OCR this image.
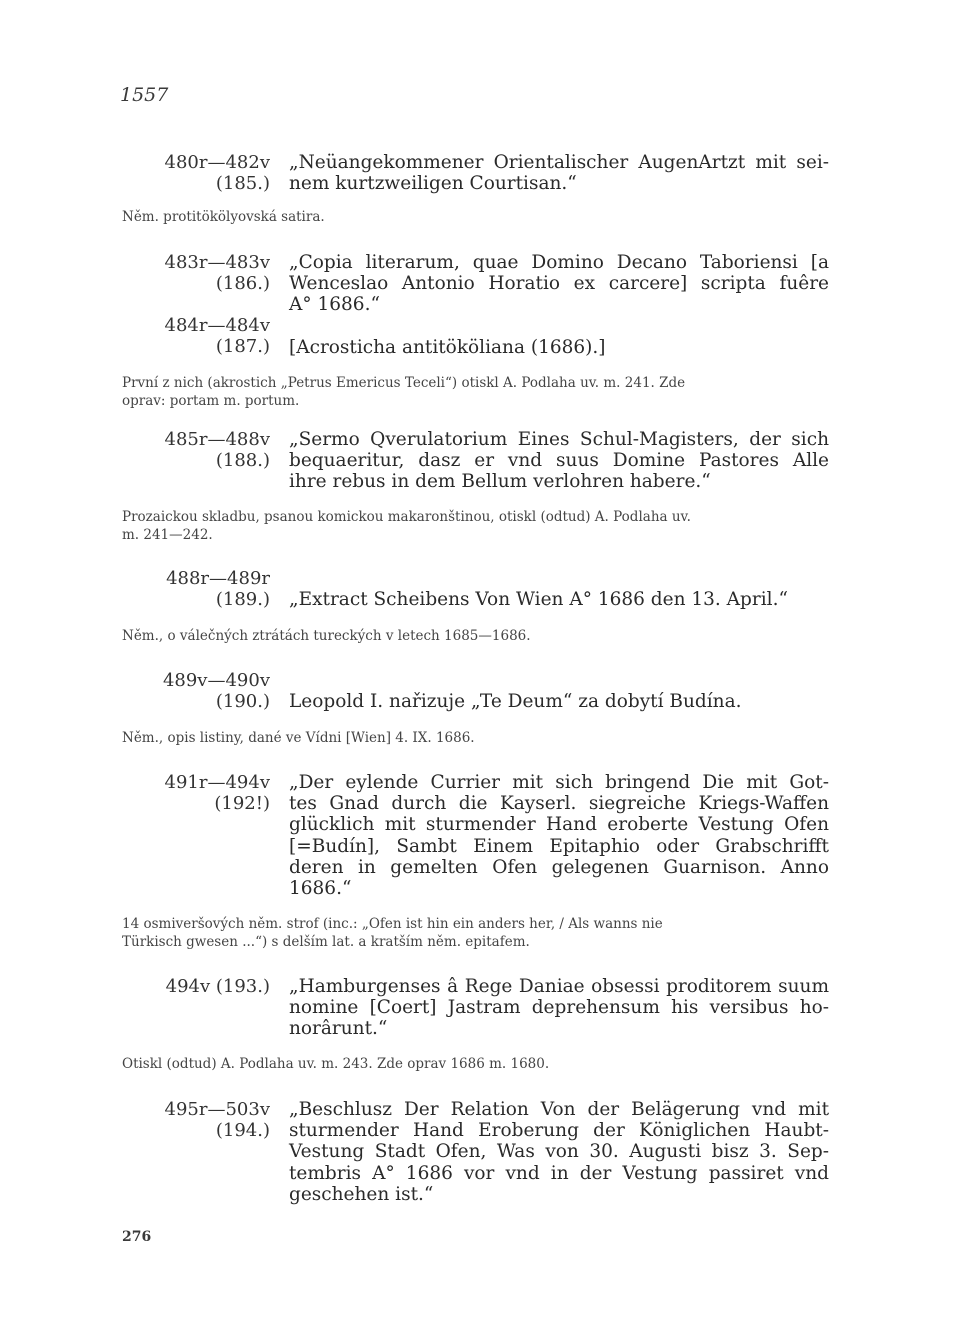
1557
480r—482v
(185.)
„Neüangekommener Orientalischer AugenArtzt mit sei-
nem kurtzweiligen Courtisan.“
Něm. protitökölyovská satira.
483r—483v
(186.)
484r—484v
(187.)
„Copia literarum, quae Domino Decano Taboriensi [a
Wenceslao Antonio Horatio ex carcere] scripta fuêre
A° 1686.“
[Acrosticha antitököliana (1686).]
První z nich (akrostich „Petrus Emericus Teceli“) otiskl A. Podlaha uv. m. 241. Zde
oprav: portam m. portum.
485r—488v
(188.)
„Sermo Qverulatorium Eines Schul-Magisters, der sich
bequaeritur, dasz er vnd suus Domine Pastores Alle
ihre rebus in dem Bellum verlohren habere.“
Prozaickou skladbu, psanou komickou makaronštinou, otiskl (odtud) A. Podlaha uv.
m. 241—242.
488r—489r
(189.) „Extract Scheibens Von Wien A° 1686 den 13. April.“
Něm., o válečných ztrátách tureckých v letech 1685—1686.
489v—490v
(190.) Leopold I. nařizuje „Te Deum“ za dobytí Budína.
Něm., opis listiny, dané ve Vídni [Wien] 4. IX. 1686.
491r—494v
(192!)
„Der eylende Currier mit sich bringend Die mit Got-
tes Gnad durch die Kayserl. siegreiche Kriegs-Waffen
glücklich mit sturmender Hand eroberte Vestung Ofen
[=Budín], Sambt Einem Epitaphio oder Grabschrifft
deren in gemelten Ofen gelegenen Guarnison. Anno
1686.“
14 osmiveršových něm. strof (inc.: „Ofen ist hin ein anders her, / Als wanns nie
Türkisch gwesen ...“) s delším lat. a kratším něm. epitafem.
494v (193.) „Hamburgenses â Rege Daniae obsessi proditorem suum
nomine [Coert] Jastram deprehensum his versibus ho-
norârunt.“
Otiskl (odtud) A. Podlaha uv. m. 243. Zde oprav 1686 m. 1680.
495r—503v
(194.)
„Beschlusz Der Relation Von der Belägerung vnd mit
sturmender Hand Eroberung der Königlichen Haubt-
Vestung Stadt Ofen, Was von 30. Augusti bisz 3. Sep-
tembris A° 1686 vor vnd in der Vestung passiret vnd
geschehen ist.“
276
